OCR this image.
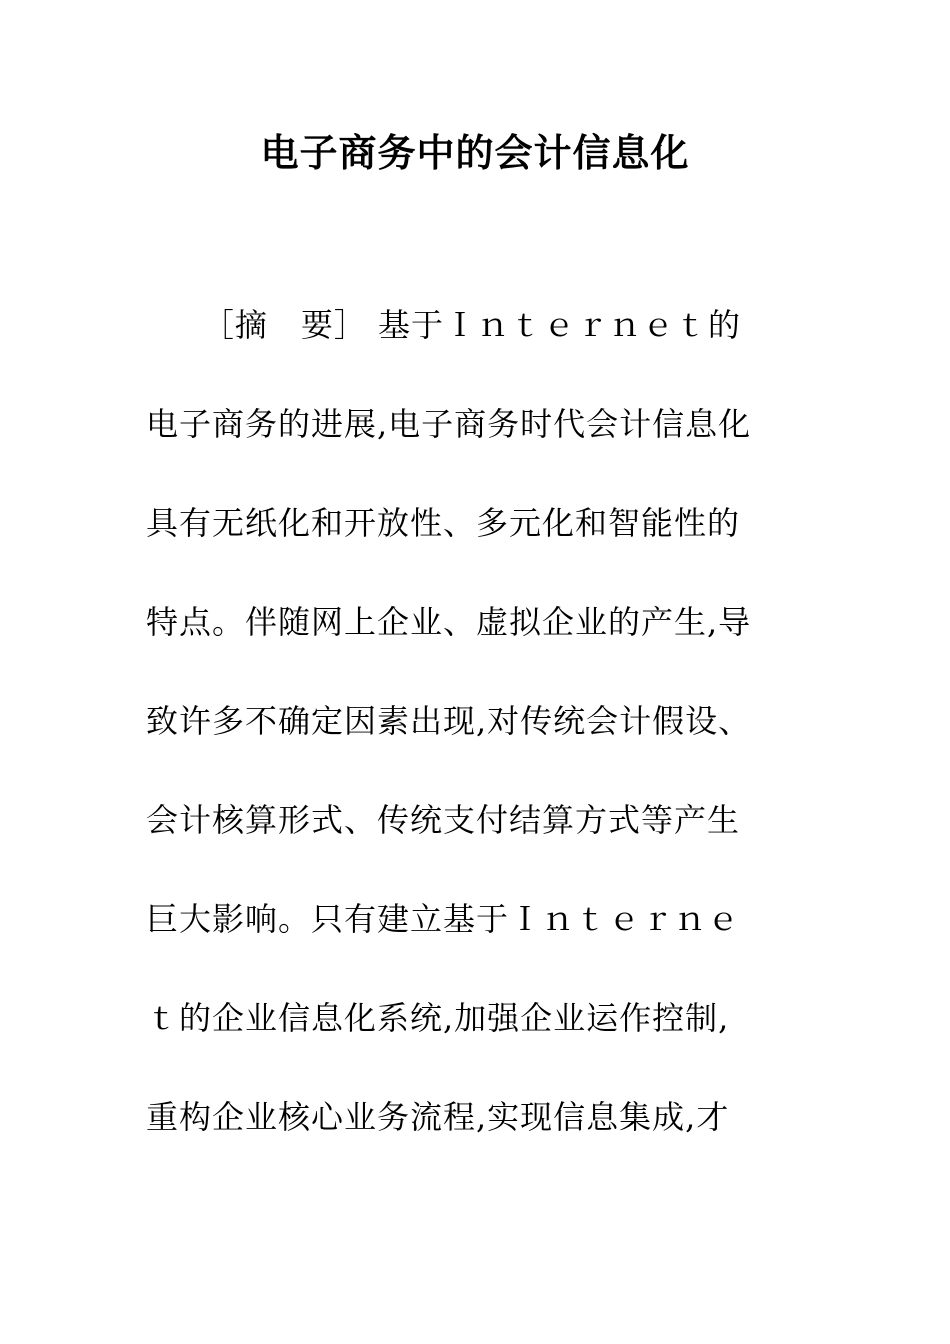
电子商务中的会计信息化
［摘　要］ 基于Ｉｎｔｅｒｎｅｔ的
电子商务的进展,电子商务时代会计信息化
具有无纸化和开放性、多元化和智能性的
特点。伴随网上企业、虚拟企业的产生,导
致许多不确定因素出现,对传统会计假设、
会计核算形式、传统支付结算方式等产生
巨大影响。只有建立基于Ｉｎｔｅｒｎｅ
ｔ的企业信息化系统,加强企业运作控制,
重构企业核心业务流程,实现信息集成,才
